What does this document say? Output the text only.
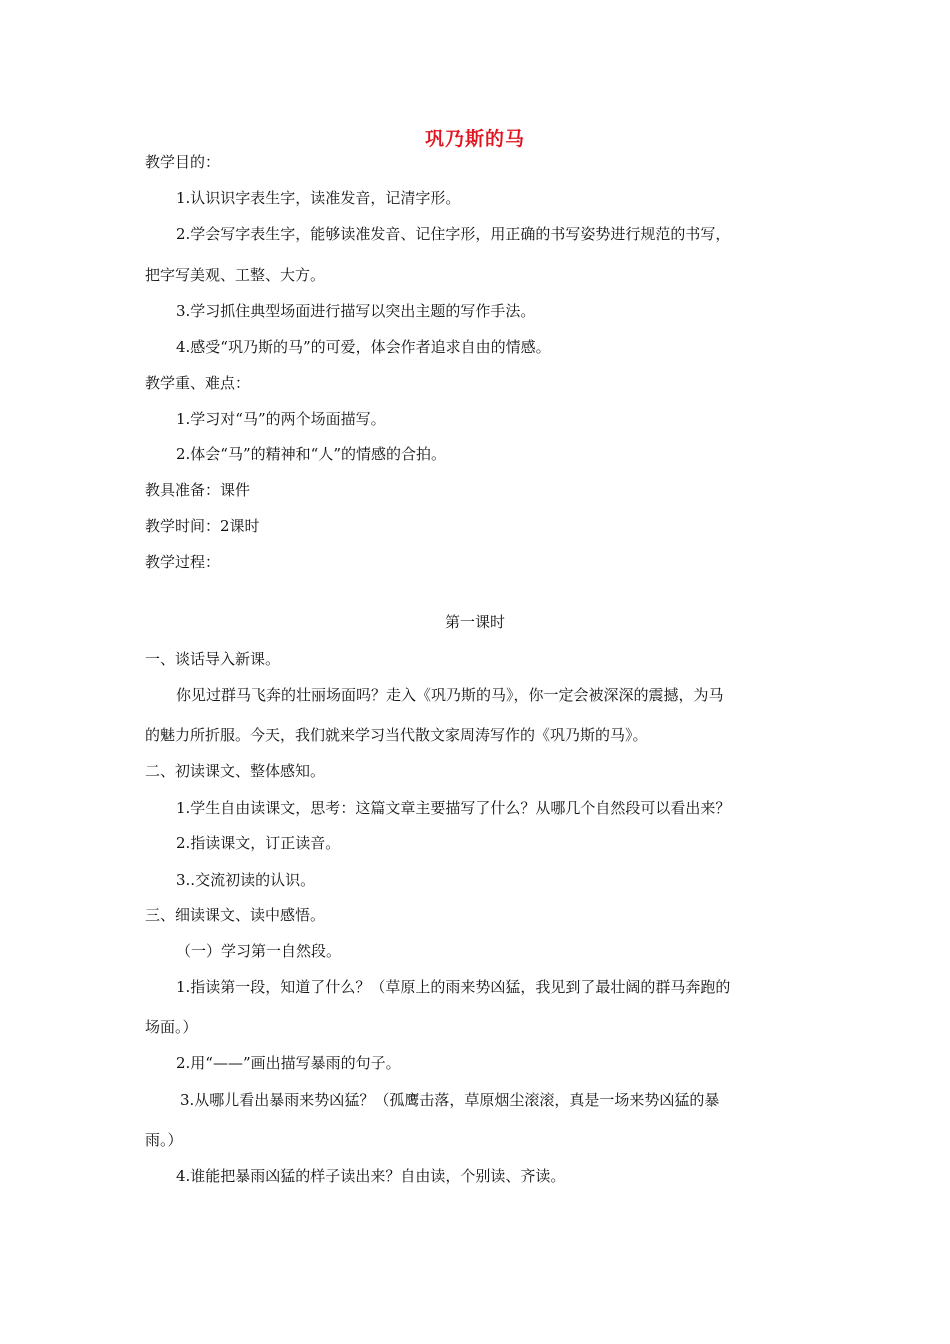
巩乃斯的马
教学目的：
1.认识识字表生字，读准发音，记清字形。
2.学会写字表生字，能够读准发音、记住字形，用正确的书写姿势进行规范的书写，
把字写美观、工整、大方。
3.学习抓住典型场面进行描写以突出主题的写作手法。
4.感受“巩乃斯的马”的可爱，体会作者追求自由的情感。
教学重、难点：
1.学习对“马”的两个场面描写。
2.体会“马”的精神和“人”的情感的合拍。
教具准备：课件
教学时间：2课时
教学过程：
第一课时
一、谈话导入新课。
你见过群马飞奔的壮丽场面吗？走入《巩乃斯的马》，你一定会被深深的震撼，为马
的魅力所折服。今天，我们就来学习当代散文家周涛写作的《巩乃斯的马》。
二、初读课文、整体感知。
1.学生自由读课文，思考：这篇文章主要描写了什么？从哪几个自然段可以看出来？
2.指读课文，订正读音。
3..交流初读的认识。
三、细读课文、读中感悟。
（一）学习第一自然段。
1.指读第一段，知道了什么？（草原上的雨来势凶猛，我见到了最壮阔的群马奔跑的
场面。）
2.用“——”画出描写暴雨的句子。
3.从哪儿看出暴雨来势凶猛？（孤鹰击落，草原烟尘滚滚，真是一场来势凶猛的暴
雨。）
4.谁能把暴雨凶猛的样子读出来？自由读，个别读、齐读。
